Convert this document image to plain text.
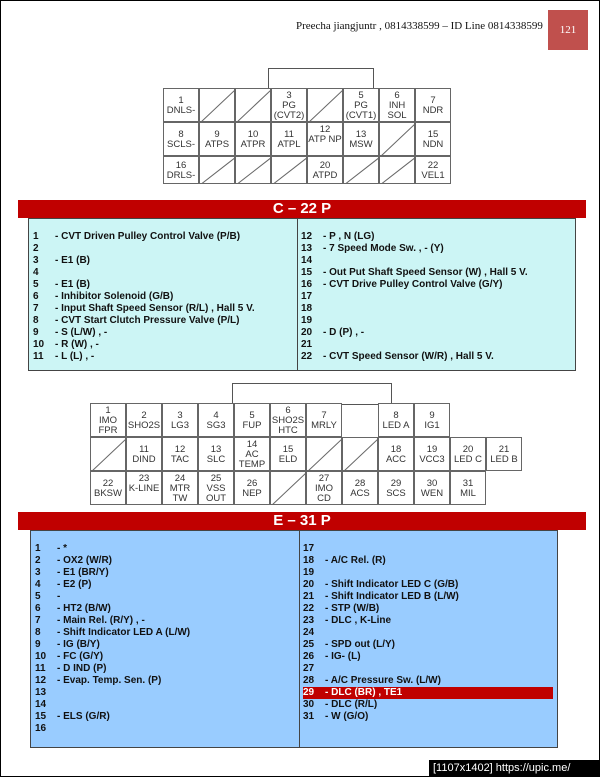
Preecha jiangjuntr , 0814338599 – ID Line 0814338599	121
1
DNLS-
3
PG (CVT2)
5
PG (CVT1)
6
INH SOL
7
NDR
8
SCLS-
9
ATPS
10
ATPR
11
ATPL
12
ATP NP	13
MSW
15
NDN
16
DRLS-
20
ATPD
22
VEL1
C – 22 P
1 - CVT Driven Pulley Control Valve (P/B)
2
3 - E1 (B)
4
5 - E1 (B)
6 - Inhibitor Solenoid (G/B)
7 - Input Shaft Speed Sensor (R/L) , Hall 5 V.
8 - CVT Start Clutch Pressure Valve (P/L)
9 - S (L/W) , -
10 - R (W) , -
11 - L (L) , -
12 - P , N (LG)
13 - 7 Speed Mode Sw. , - (Y)
14
15 - Out Put Shaft Speed Sensor (W) , Hall 5 V.
16 - CVT Drive Pulley Control Valve (G/Y)
17
18
19
20 - D (P) , -
21
22 - CVT Speed Sensor (W/R) , Hall 5 V.
1
IMO FPR
2
SHO2S
3
LG3
4
SG3
5
FUP
6
SHO2S HTC
7
MRLY
8
LED A
9
IG1
11
DIND
12
TAC
13
SLC
14
AC TEMP
15
ELD
18
ACC
19
VCC3
20
LED C
21
LED B
22
BKSW
23
K-LINE
24
MTR TW
25
VSS OUT
26
NEP
27
IMO CD
28
ACS
29
SCS
30
WEN
31
MIL
E – 31 P
1 - *
2 - OX2 (W/R)
3 - E1 (BR/Y)
4 - E2 (P)
5 -
6 - HT2 (B/W)
7 - Main Rel. (R/Y) , -
8 - Shift Indicator LED A (L/W)
9 - IG (B/Y)
10 - FC (G/Y)
11 - D IND (P)
12 - Evap. Temp. Sen. (P)
13
14
15 - ELS (G/R)
16
17
18 - A/C Rel. (R)
19
20 - Shift Indicator LED C (G/B)
21 - Shift Indicator LED B (L/W)
22 - STP (W/B)
23 - DLC , K-Line
24
25 - SPD out (L/Y)
26 - IG- (L)
27
28 - A/C Pressure Sw. (L/W)
29 - DLC (BR) , TE1
30 - DLC (R/L)
31 - W (G/O)
[1107x1402] https://upic.me/
